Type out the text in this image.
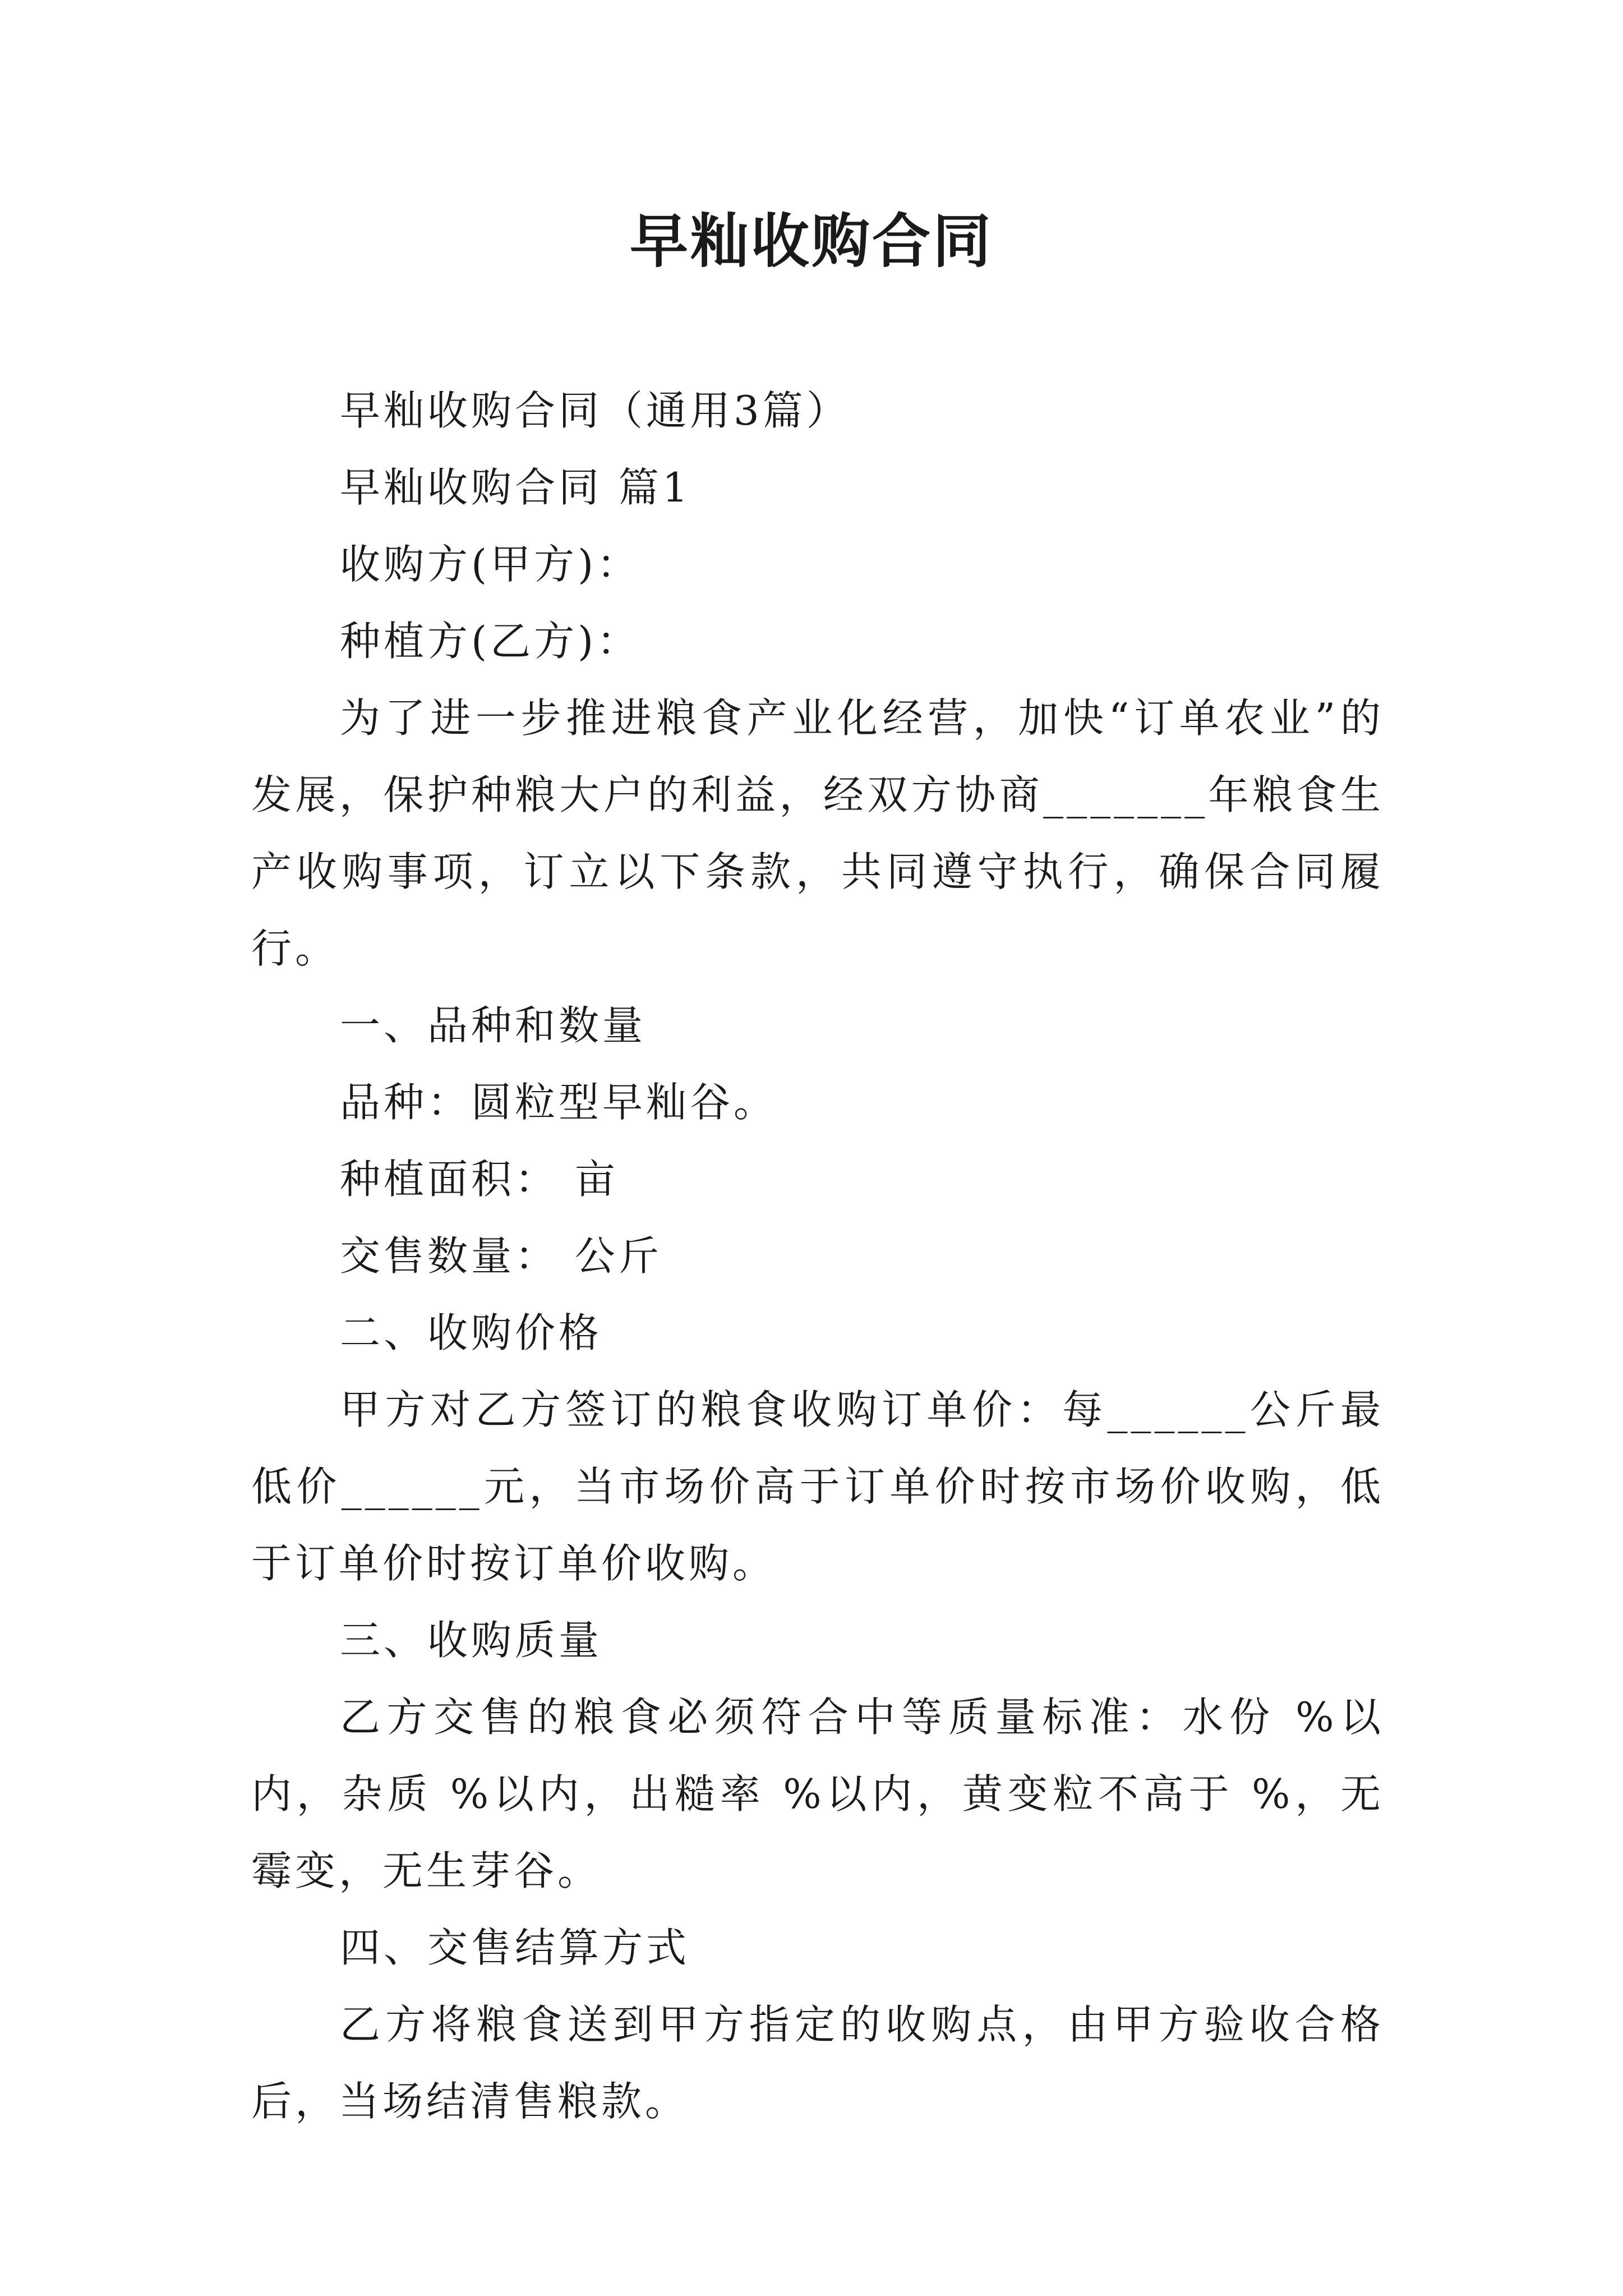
早籼收购合同

早籼收购合同（通用3篇）

早籼收购合同 篇1

收购方(甲方)：

种植方(乙方)：

为了进一步推进粮食产业化经营，加快“订单农业”的发展，保护种粮大户的利益，经双方协商_______年粮食生产收购事项，订立以下条款，共同遵守执行，确保合同履行。

一、品种和数量

品种：圆粒型早籼谷。

种植面积： 亩

交售数量： 公斤

二、收购价格

甲方对乙方签订的粮食收购订单价：每______公斤最低价______元，当市场价高于订单价时按市场价收购，低于订单价时按订单价收购。

三、收购质量

乙方交售的粮食必须符合中等质量标准：水份 %以内，杂质 %以内，出糙率 %以内，黄变粒不高于 %，无霉变，无生芽谷。

四、交售结算方式

乙方将粮食送到甲方指定的收购点，由甲方验收合格后，当场结清售粮款。
